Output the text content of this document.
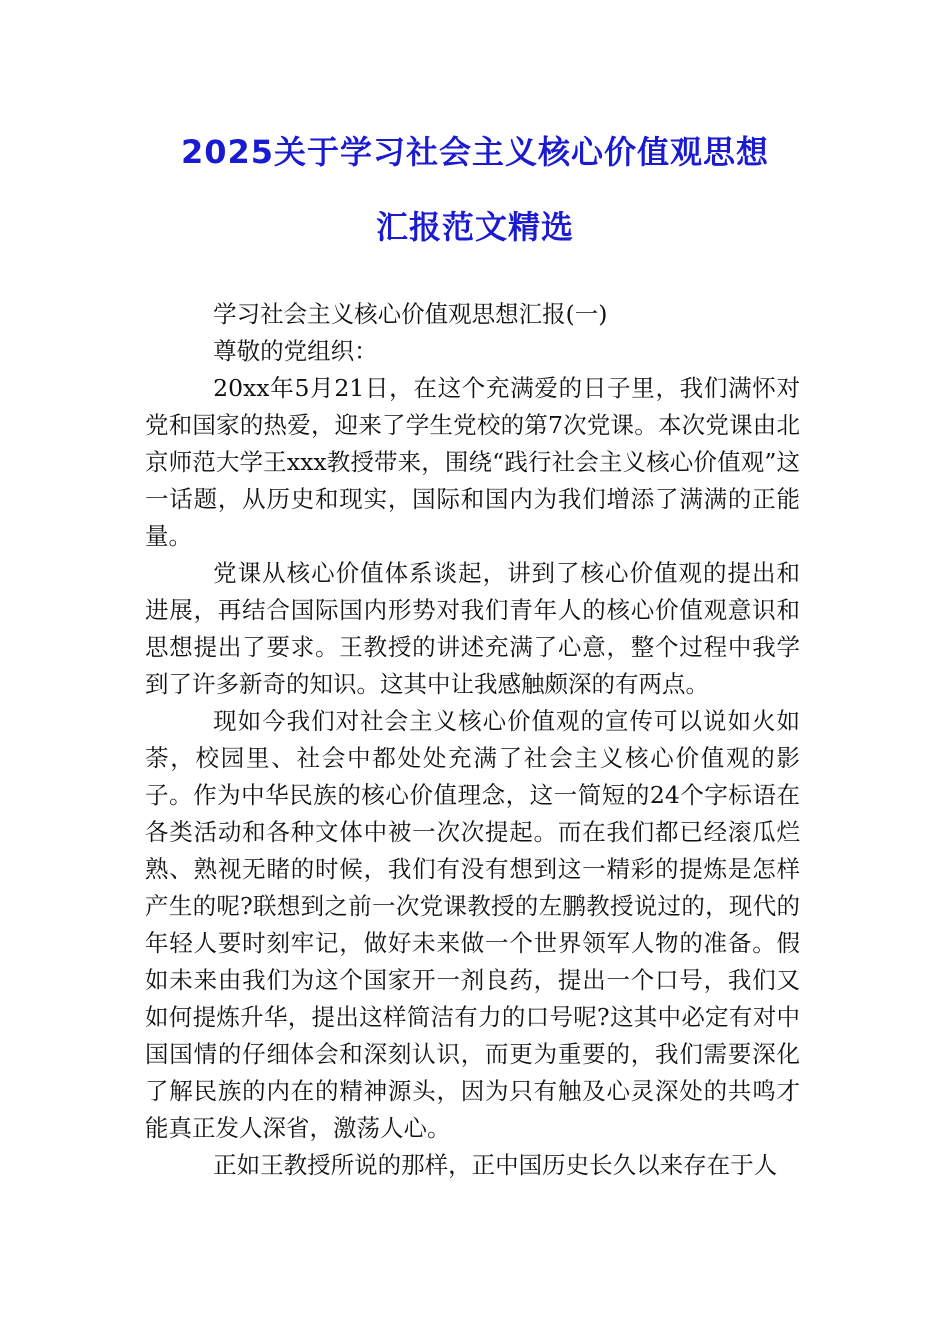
2025关于学习社会主义核心价值观思想
汇报范文精选

学习社会主义核心价值观思想汇报(一)

尊敬的党组织：

20xx年5月21日，在这个充满爱的日子里，我们满怀对党和国家的热爱，迎来了学生党校的第7次党课。本次党课由北京师范大学王xxx教授带来，围绕“践行社会主义核心价值观”这一话题，从历史和现实，国际和国内为我们增添了满满的正能量。

党课从核心价值体系谈起，讲到了核心价值观的提出和进展，再结合国际国内形势对我们青年人的核心价值观意识和思想提出了要求。王教授的讲述充满了心意，整个过程中我学到了许多新奇的知识。这其中让我感触颇深的有两点。

现如今我们对社会主义核心价值观的宣传可以说如火如荼，校园里、社会中都处处充满了社会主义核心价值观的影子。作为中华民族的核心价值理念，这一简短的24个字标语在各类活动和各种文体中被一次次提起。而在我们都已经滚瓜烂熟、熟视无睹的时候，我们有没有想到这一精彩的提炼是怎样产生的呢?联想到之前一次党课教授的左鹏教授说过的，现代的年轻人要时刻牢记，做好未来做一个世界领军人物的准备。假如未来由我们为这个国家开一剂良药，提出一个口号，我们又如何提炼升华，提出这样简洁有力的口号呢?这其中必定有对中国国情的仔细体会和深刻认识，而更为重要的，我们需要深化了解民族的内在的精神源头，因为只有触及心灵深处的共鸣才能真正发人深省，激荡人心。

正如王教授所说的那样，正中国历史长久以来存在于人
